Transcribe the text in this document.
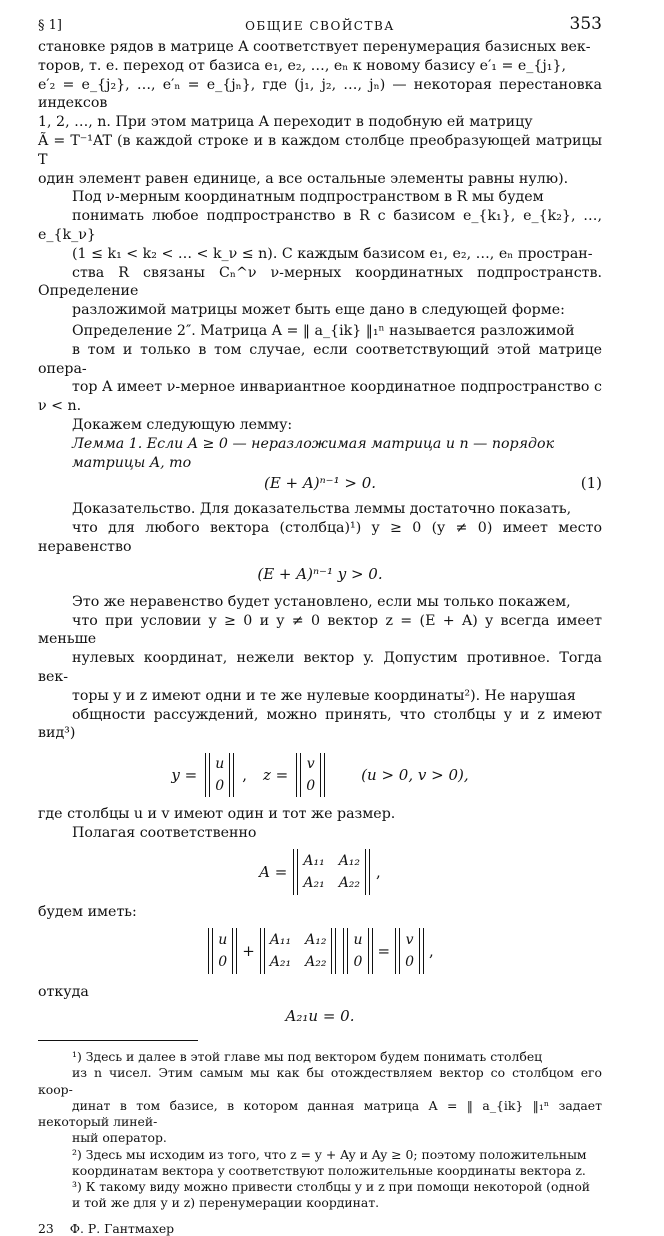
§ 1]	ОБЩИЕ СВОЙСТВА	353

становке рядов в матрице A соответствует перенумерация базисных век-
торов, т. е. переход от базиса e₁, e₂, …, eₙ к новому базису e′₁ = e_{j₁},
e′₂ = e_{j₂}, …, e′ₙ = e_{jₙ}, где (j₁, j₂, …, jₙ) — некоторая перестановка индексов
1, 2, …, n. При этом матрица A переходит в подобную ей матрицу
Ã = T⁻¹AT (в каждой строке и в каждом столбце преобразующей матрицы T
один элемент равен единице, а все остальные элементы равны нулю).

Под ν-мерным координатным подпространством в R мы будем
понимать любое подпространство в R с базисом e_{k₁}, e_{k₂}, …, e_{k_ν}
(1 ≤ k₁ < k₂ < … < k_ν ≤ n). С каждым базисом e₁, e₂, …, eₙ простран-
ства R связаны Cₙ^ν ν-мерных координатных подпространств. Определение
разложимой матрицы может быть еще дано в следующей форме:

Определение 2″. Матрица A = ‖ a_{ik} ‖₁ⁿ называется разложимой
в том и только в том случае, если соответствующий этой матрице опера-
тор A имеет ν-мерное инвариантное координатное подпространство с ν < n.

Докажем следующую лемму:

Лемма 1. Если A ≥ 0 — неразложимая матрица и n — порядок
матрицы A, то

(E + A)ⁿ⁻¹ > 0.	(1)

Доказательство. Для доказательства леммы достаточно показать,
что для любого вектора (столбца)¹) y ≥ 0 (y ≠ 0) имеет место неравенство

(E + A)ⁿ⁻¹ y > 0.

Это же неравенство будет установлено, если мы только покажем,
что при условии y ≥ 0 и y ≠ 0 вектор z = (E + A) y всегда имеет меньше
нулевых координат, нежели вектор y. Допустим противное. Тогда век-
торы y и z имеют одни и те же нулевые координаты²). Не нарушая
общности рассуждений, можно принять, что столбцы y и z имеют вид³)

y =
u
0
, z =
v
0
(u > 0, v > 0),

где столбцы u и v имеют один и тот же размер.

Полагая соответственно

A =
A₁₁ A₁₂
A₂₁ A₂₂
,

будем иметь:

u
0
+
A₁₁ A₁₂
A₂₁ A₂₂
u
0
=
v
0
,

откуда

A₂₁u = 0.

¹) Здесь и далее в этой главе мы под вектором будем понимать столбец
из n чисел. Этим самым мы как бы отождествляем вектор со столбцом его коор-
динат в том базисе, в котором данная матрица A = ‖ a_{ik} ‖₁ⁿ задает некоторый линей-
ный оператор.

²) Здесь мы исходим из того, что z = y + Ay и Ay ≥ 0; поэтому положительным
координатам вектора y соответствуют положительные координаты вектора z.

³) К такому виду можно привести столбцы y и z при помощи некоторой (одной
и той же для y и z) перенумерации координат.

23 Ф. Р. Гантмахер
